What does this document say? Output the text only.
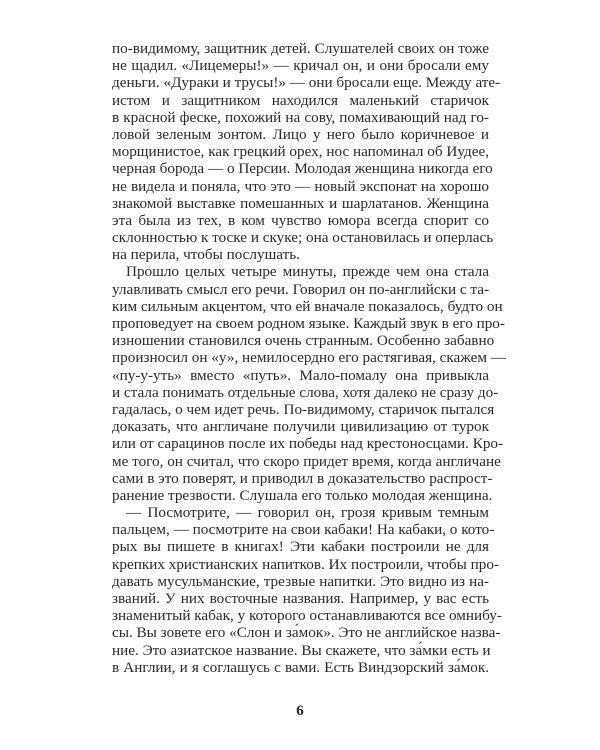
по-видимому, защитник детей. Слушателей своих он тоже
не щадил. «Лицемеры!» — кричал он, и они бросали ему
деньги. «Дураки и трусы!» — они бросали еще. Между ате-
истом и защитником находился маленький старичок
в красной феске, похожий на сову, помахивающий над го-
ловой зеленым зонтом. Лицо у него было коричневое и
морщинистое, как грецкий орех, нос напоминал об Иудее,
черная борода — о Персии. Молодая женщина никогда его
не видела и поняла, что это — новый экспонат на хорошо
знакомой выставке помешанных и шарлатанов. Женщина
эта была из тех, в ком чувство юмора всегда спорит со
склонностью к тоске и скуке; она остановилась и оперлась
на перила, чтобы послушать.
Прошло целых четыре минуты, прежде чем она стала
улавливать смысл его речи. Говорил он по-английски с та-
ким сильным акцентом, что ей вначале показалось, будто он
проповедует на своем родном языке. Каждый звук в его про-
изношении становился очень странным. Особенно забавно
произносил он «у», немилосердно его растягивая, скажем —
«пу-у-уть» вместо «путь». Мало-помалу она привыкла
и стала понимать отдельные слова, хотя далеко не сразу до-
гадалась, о чем идет речь. По-видимому, старичок пытался
доказать, что англичане получили цивилизацию от турок
или от сарацинов после их победы над крестоносцами. Кро-
ме того, он считал, что скоро придет время, когда англичане
сами в это поверят, и приводил в доказательство распрост-
ранение трезвости. Слушала его только молодая женщина.
— Посмотрите, — говорил он, грозя кривым темным
пальцем, — посмотрите на свои кабаки! На кабаки, о кото-
рых вы пишете в книгах! Эти кабаки построили не для
крепких христианских напитков. Их построили, чтобы про-
давать мусульманские, трезвые напитки. Это видно из на-
званий. У них восточные названия. Например, у вас есть
знаменитый кабак, у которого останавливаются все омнибу-
сы. Вы зовете его «Слон и за́мок». Это не английское назва-
ние. Это азиатское название. Вы скажете, что за́мки есть и
в Англии, и я соглашусь с вами. Есть Виндзорский за́мок.
6
